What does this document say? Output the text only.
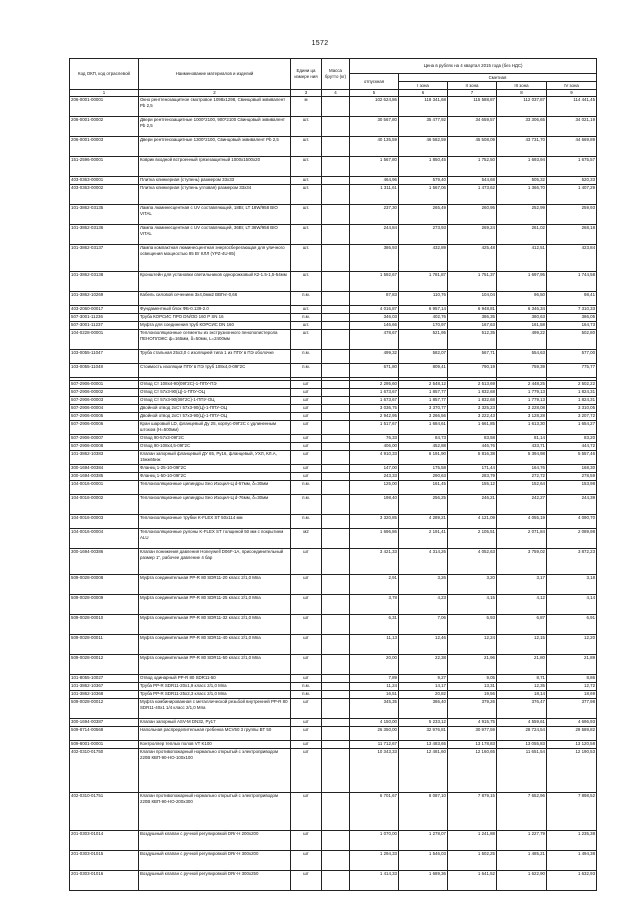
1572
Код ОКП, код отраслевой	Наименование материалов и изделий	Едини ца измере ния	Масса брутто (кг)	Цена в рублях на 4 квартал 2015 года (без НДС)				
				отпускная	Сметная			
					I зона	II зона	III зона	IV зона
1	2	3	4	5	6	7	8	9
206-0001-00001	Окно рентгенозащитное смотровое 1098х1298, Свинцовый эквивалент Pb 2,5	м		102 624,86	118 341,68	115 588,87	112 037,87	114 441,45
206-0001-00002	Двери рентгенозащитные 1000*2100, 900*2100 Свинцовый эквивалент Pb 2,5	шт.		30 567,80	35 477,92	34 659,57	33 306,65	34 021,19
206-0001-00003	Двери рентгенозащитные 1300*2100, Свинцовый эквивалент Pb 2,5	шт.		40 135,59	46 582,59	45 508,09	43 731,70	44 669,89
151-2596-00001	Коврик входной встроенный грязезащитный 1000х1500х20	шт.		1 567,80	1 850,45	1 752,50	1 693,94	1 675,57
403-0363-00001	Плитка клинкерная (ступень) размером 33х33	шт.		464,96	579,40	544,68	505,32	520,33
403-0363-00002	Плитка клинкерная (ступень угловая) размером 33х34	шт.		1 311,61	1 567,06	1 473,62	1 366,70	1 407,29
101-3862-03135	Лампа люминесцентная с UV составляющей, 18Вт, LT 18W/958 BIO VITAL	шт.		237,30	265,49	260,95	252,99	259,93
101-3862-03136	Лампа люминесцентная с UV составляющей, 36Вт, LT 36W/958 BIO VITAL	шт.		244,84	273,93	269,24	261,02	268,18
101-3862-03137	Лампа компактная люминесцентная энергосберегающая для уличного освещения мощностью 85 Вт КЛЛ (YPZ-4U-85)	шт.		386,93	432,89	425,48	412,51	423,84
101-3862-03138	Кронштейн для установки светильников однорожковый К2-1.5-1,5-54мм	шт.		1 592,67	1 781,87	1 751,37	1 697,95	1 744,58
101-3862-10269	Кабель силовой сечением 3х4,0мм2 ВВГнг-0,66	п.м.		87,83	110,76	104,04	96,50	98,41
403-2060-00017	Фундаментный блок ФБ-0.139-2.0	шт.		4 016,87	6 957,14	6 948,81	6 346,34	7 310,33
507-3001-11236	Труба КОРСИС ПРО DN/OD 160 Р SN 16	п.м.		346,03	402,76	386,35	380,63	386,05
507-3001-11237	Муфта для соединения труб КОРСИС DN 160	шт.		146,66	170,97	167,63	161,58	164,73
104-0228-00001	Теплоизоляционные сегменты из экструзионного пенополистерола ПЕНОПЛЭКС ф=165мм, δ=50мм, L=2400мм	шт.		478,67	521,95	512,35	499,22	502,80
103-0055-11047	Труба стальная 25х3,0 с изоляцией типа 1 из ППУ в ПЭ оболочке	п.м.		499,32	582,07	567,71	554,63	577,00
103-0055-11048	Стоимость изоляции ППУ в ПЭ труб 108х4,0-09Г2С	п.м.		671,80	809,41	790,19	759,39	775,77

507-2906-00001	Отвод Ст 108х4-90(09Г2С)-1-ППУ-ПЭ	шт		2 295,60	2 548,12	2 513,69	2 448,25	2 502,22
507-2906-00002	Отвод Ст 57х3-90(Ц)-1-ППУ-ОЦ	шт		1 673,67	1 857,77	1 832,68	1 779,13	1 824,31
507-2906-00003	Отвод Ст 57х3-90(09Г2С)-1-ППУ-ОЦ	шт		1 673,67	1 857,77	1 832,68	1 779,13	1 824,31
507-2906-00004	Двойной отвод 2хСт 57х3-90(Ц)-1-ППУ-ОЦ	шт		3 036,75	3 370,77	3 325,23	3 228,08	3 310,05
507-2906-00005	Двойной отвод 2хСт 57х3-90(Ц)-1-ППУ-ОЦ	шт		2 942,95	3 266,56	3 222,43	3 128,28	3 207,72
507-2906-00006	Кран шаровый LD, фланцевый Ду 25, корпус-09Г2С с удлиненным штоком (Н=500мм)	шт		1 517,67	1 684,61	1 661,85	1 613,30	1 654,27
507-2906-00007	Отвод 90-57х3-09Г2С	шт		76,33	84,73	83,58	81,14	83,20
507-2906-00008	Отвод 90-108х4,5-09Г2С	шт		406,00	452,88	446,76	433,71	444,72
101-3862-10383	Клапан запорный фланцевый ДУ 65, Ру16, фланцевый, УХЛ, КЛ.А, 15нж65нж	шт		4 910,33	6 191,90	5 816,38	5 394,98	5 557,46
300-1694-00384	Фланец 1-25-10-09Г2С	шт		147,00	175,58	171,44	164,76	168,30
300-1694-00385	Фланец 1-50-10-09Г2С	шт		243,33	290,63	283,79	272,72	278,59
104-0016-00001	Теплоизоляционные цилиндры Seo Изоцил-Ц d-57мм, δ=30мм	п.м.		125,00	161,45	155,12	152,64	153,98
104-0016-00002	Теплоизоляционные цилиндры Seo Изоцил-Ц d-76мм, δ=30мм	п.м.		198,40	256,25	246,21	242,27	244,39
104-0016-00003	Теплоизоляционные трубки K-FLEX ST 50х114 мм	п.м.		3 320,85	4 289,21	4 121,09	4 055,19	4 090,70
104-0016-00004	Теплоизоляционные рулоны K-FLEX ST толщиной 50 мм с покрытием ALU	м2		1 696,86	2 191,41	2 105,51	2 071,84	2 089,98
300-1694-00386	Клапан понижения давления Honeywell D06F-1A, присоединительный размер 1", рабочее давление 4 бар	шт		3 421,33	4 314,26	4 052,63	3 759,02	3 872,23
509-0028-00008	Муфта соединительная PP-R 80 SDR11-20 класс 2/1,0 Мпа	шт		2,91	3,26	3,20	3,17	3,18
509-0028-00009	Муфта соединительная PP-R 80 SDR11-25 класс 2/1,0 Мпа	шт		3,78	4,23	4,15	4,12	4,14
509-0028-00010	Муфта соединительная PP-R 80 SDR11-32 класс 2/1,0 Мпа	шт		6,31	7,06	6,93	6,87	6,91
509-0028-00011	Муфта соединительная PP-R 80 SDR11-40 класс 2/1,0 Мпа	шт		11,13	12,46	12,24	12,15	12,20
509-0028-00012	Муфта соединительная PP-R 80 SDR11-50 класс 2/1,0 Мпа	шт		20,00	22,38	21,96	21,80	21,89
101-8055-10027	Отвод одинарный PP-R 80 SDR11-50	шт		7,89	9,27	9,05	8,71	8,86
101-3862-10367	Труба PP-R SDR11-20х1,9 класс 2/1,0 Мпа	п.м.		11,24	14,17	13,31	12,35	12,72
101-3862-10368	Труба PP-R SDR11-25х2,3 класс 2/1,0 Мпа	п.м.		16,51	20,82	19,56	18,14	18,69
509-0028-00012	Муфта комбинированная с металлической резьбой внутренней PP-R 80 SDR11-40х1 1/4 класс 2/1,0 Мпа	шт		345,35	386,40	379,26	376,47	377,98
300-1694-00387	Клапан запорный ASV-M DN32, Ру17	шт		4 150,00	5 233,12	4 915,75	4 559,61	4 696,93
509-8714-00568	Напольная распределительная гребенка MCV50 3 группы BT 50	шт		26 350,00	32 976,81	30 977,59	28 724,54	29 589,82
509-8001-00001	Контроллер теплых полов VT K100	шт		11 712,67	13 483,65	13 178,83	13 055,83	13 120,58
402-0310-01750	Клапан противопожарный нормально открытый с электроприводом 220В КВП-90-НО-100х100	шт		10 343,33	12 481,60	12 160,65	11 651,54	12 190,53
402-0310-01751	Клапан противопожарный нормально открытый с электроприводом 220В КВП-90-НО-200х300	шт		6 701,67	8 087,10	7 879,15	7 652,96	7 898,52
201-0303-01014	Воздушный клапан с ручной регулировкой DRr-H 200х200	шт		1 070,00	1 278,07	1 241,88	1 227,79	1 235,38
201-0303-01015	Воздушный клапан с ручной регулировкой DRr-H 300х200	шт		1 294,33	1 546,03	1 502,25	1 485,21	1 494,38
201-0303-01016	Воздушный клапан с ручной регулировкой DRr-H 300х250	шт		1 414,33	1 689,36	1 641,52	1 622,90	1 632,93
